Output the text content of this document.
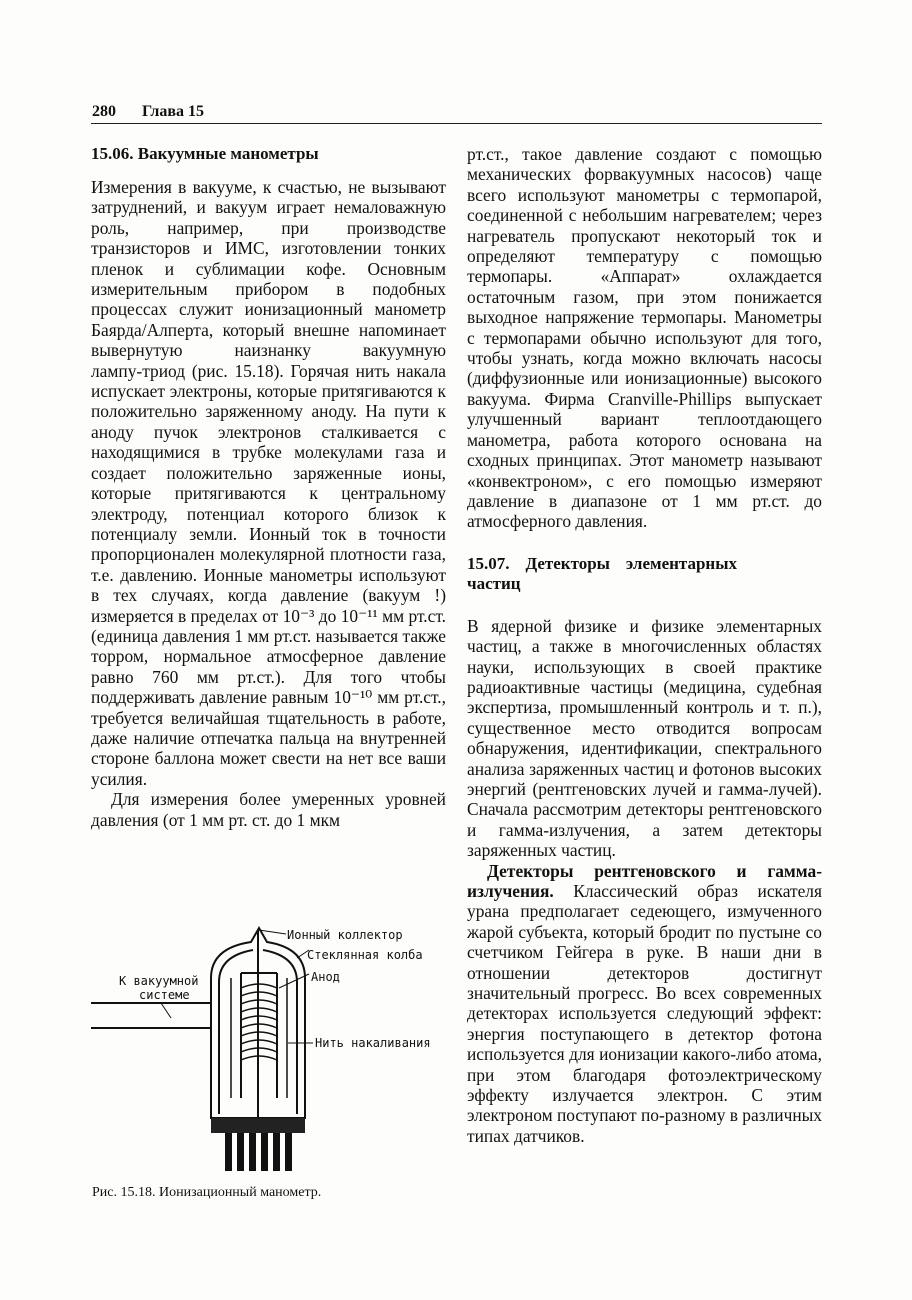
280 Глава 15
15.06. Вакуумные манометры

Измерения в вакууме, к счастью, не вызывают затруднений, и вакуум играет немаловажную роль, например, при производстве транзисторов и ИМС, изготовлении тонких пленок и сублимации кофе. Основным измерительным прибором в подобных процессах служит ионизационный манометр Баярда/Алперта, который внешне напоминает вывернутую наизнанку вакуумную лампу‑триод (рис. 15.18). Горячая нить накала испускает электроны, которые притягиваются к положительно заряженному аноду. На пути к аноду пучок электронов сталкивается с находящимися в трубке молекулами газа и создает положительно заряженные ионы, которые притягиваются к центральному электроду, потенциал которого близок к потенциалу земли. Ионный ток в точности пропорционален молекулярной плотности газа, т.е. давлению. Ионные манометры используют в тех случаях, когда давление (вакуум !) измеряется в пределах от 10⁻³ до 10⁻¹¹ мм рт.ст. (единица давления 1 мм рт.ст. называется также торром, нормальное атмосферное давление равно 760 мм рт.ст.). Для того чтобы поддерживать давление равным 10⁻¹⁰ мм рт.ст., требуется величайшая тщательность в работе, даже наличие отпечатка пальца на внутренней стороне баллона может свести на нет все ваши усилия.

Для измерения более умеренных уровней давления (от 1 мм рт. ст. до 1 мкм

Ионный коллектор
Стеклянная колба
Анод
К вакуумной
системе
Нить накаливания
Рис. 15.18. Ионизационный манометр.

рт.ст., такое давление создают с помощью механических форвакуумных насосов) чаще всего используют манометры с термопарой, соединенной с небольшим нагревателем; через нагреватель пропускают некоторый ток и определяют температуру с помощью термопары. «Аппарат» охлаждается остаточным газом, при этом понижается выходное напряжение термопары. Манометры с термопарами обычно используют для того, чтобы узнать, когда можно включать насосы (диффузионные или ионизационные) высокого вакуума. Фирма Cranville-Phillips выпускает улучшенный вариант теплоотдающего манометра, работа которого основана на сходных принципах. Этот манометр называют «конвектроном», с его помощью измеряют давление в диапазоне от 1 мм рт.ст. до атмосферного давления.

15.07. Детекторы элементарных частиц

В ядерной физике и физике элементарных частиц, а также в многочисленных областях науки, использующих в своей практике радиоактивные частицы (медицина, судебная экспертиза, промышленный контроль и т. п.), существенное место отводится вопросам обнаружения, идентификации, спектрального анализа заряженных частиц и фотонов высоких энергий (рентгеновских лучей и гамма-лучей). Сначала рассмотрим детекторы рентгеновского и гамма-излучения, а затем детекторы заряженных частиц.

Детекторы рентгеновского и гамма-излучения. Классический образ искателя урана предполагает седеющего, измученного жарой субъекта, который бродит по пустыне со счетчиком Гейгера в руке. В наши дни в отношении детекторов достигнут значительный прогресс. Во всех современных детекторах используется следующий эффект: энергия поступающего в детектор фотона используется для ионизации какого-либо атома, при этом благодаря фотоэлектрическому эффекту излучается электрон. С этим электроном поступают по-разному в различных типах датчиков.
